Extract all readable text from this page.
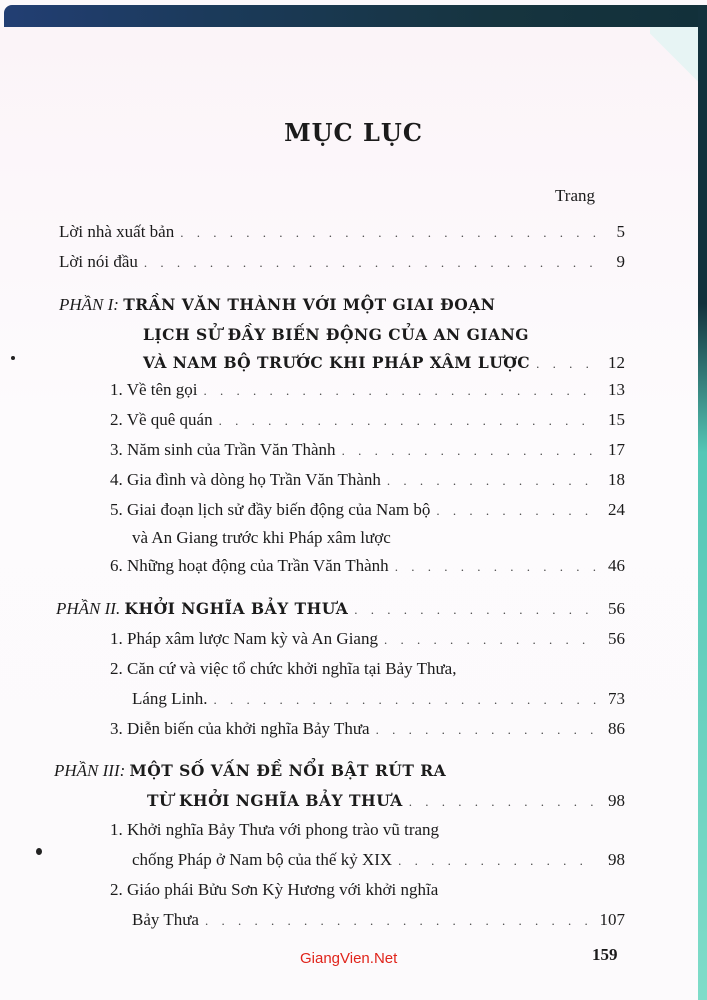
MỤC LỤC
Trang
Lời nhà xuất bản . . .	5
Lời nói đầu . . .	9
PHẦN I: TRẦN VĂN THÀNH VỚI MỘT GIAI ĐOẠN
LỊCH SỬ ĐẦY BIẾN ĐỘNG CỦA AN GIANG
VÀ NAM BỘ TRƯỚC KHI PHÁP XÂM LƯỢC . . .	12
1. Về tên gọi . . .	13
2. Về quê quán . . .	15
3. Năm sinh của Trần Văn Thành . . .	17
4. Gia đình và dòng họ Trần Văn Thành . . .	18
5. Giai đoạn lịch sử đầy biến động của Nam bộ . . .	24
và An Giang trước khi Pháp xâm lược
6. Những hoạt động của Trần Văn Thành . . .	46
PHẦN II. KHỞI NGHĨA BẢY THƯA . . .	56
1. Pháp xâm lược Nam kỳ và An Giang . . .	56
2. Căn cứ và việc tổ chức khởi nghĩa tại Bảy Thưa,
Láng Linh. . . .	73
3. Diễn biến của khởi nghĩa Bảy Thưa . . .	86
PHẦN III: MỘT SỐ VẤN ĐỀ NỔI BẬT RÚT RA
TỪ KHỞI NGHĨA BẢY THƯA . . .	98
1. Khởi nghĩa Bảy Thưa với phong trào vũ trang
chống Pháp ở Nam bộ của thế kỷ XIX . . .	98
2. Giáo phái Bửu Sơn Kỳ Hương với khởi nghĩa
Bảy Thưa . . .	107
GiangVien.Net	159
